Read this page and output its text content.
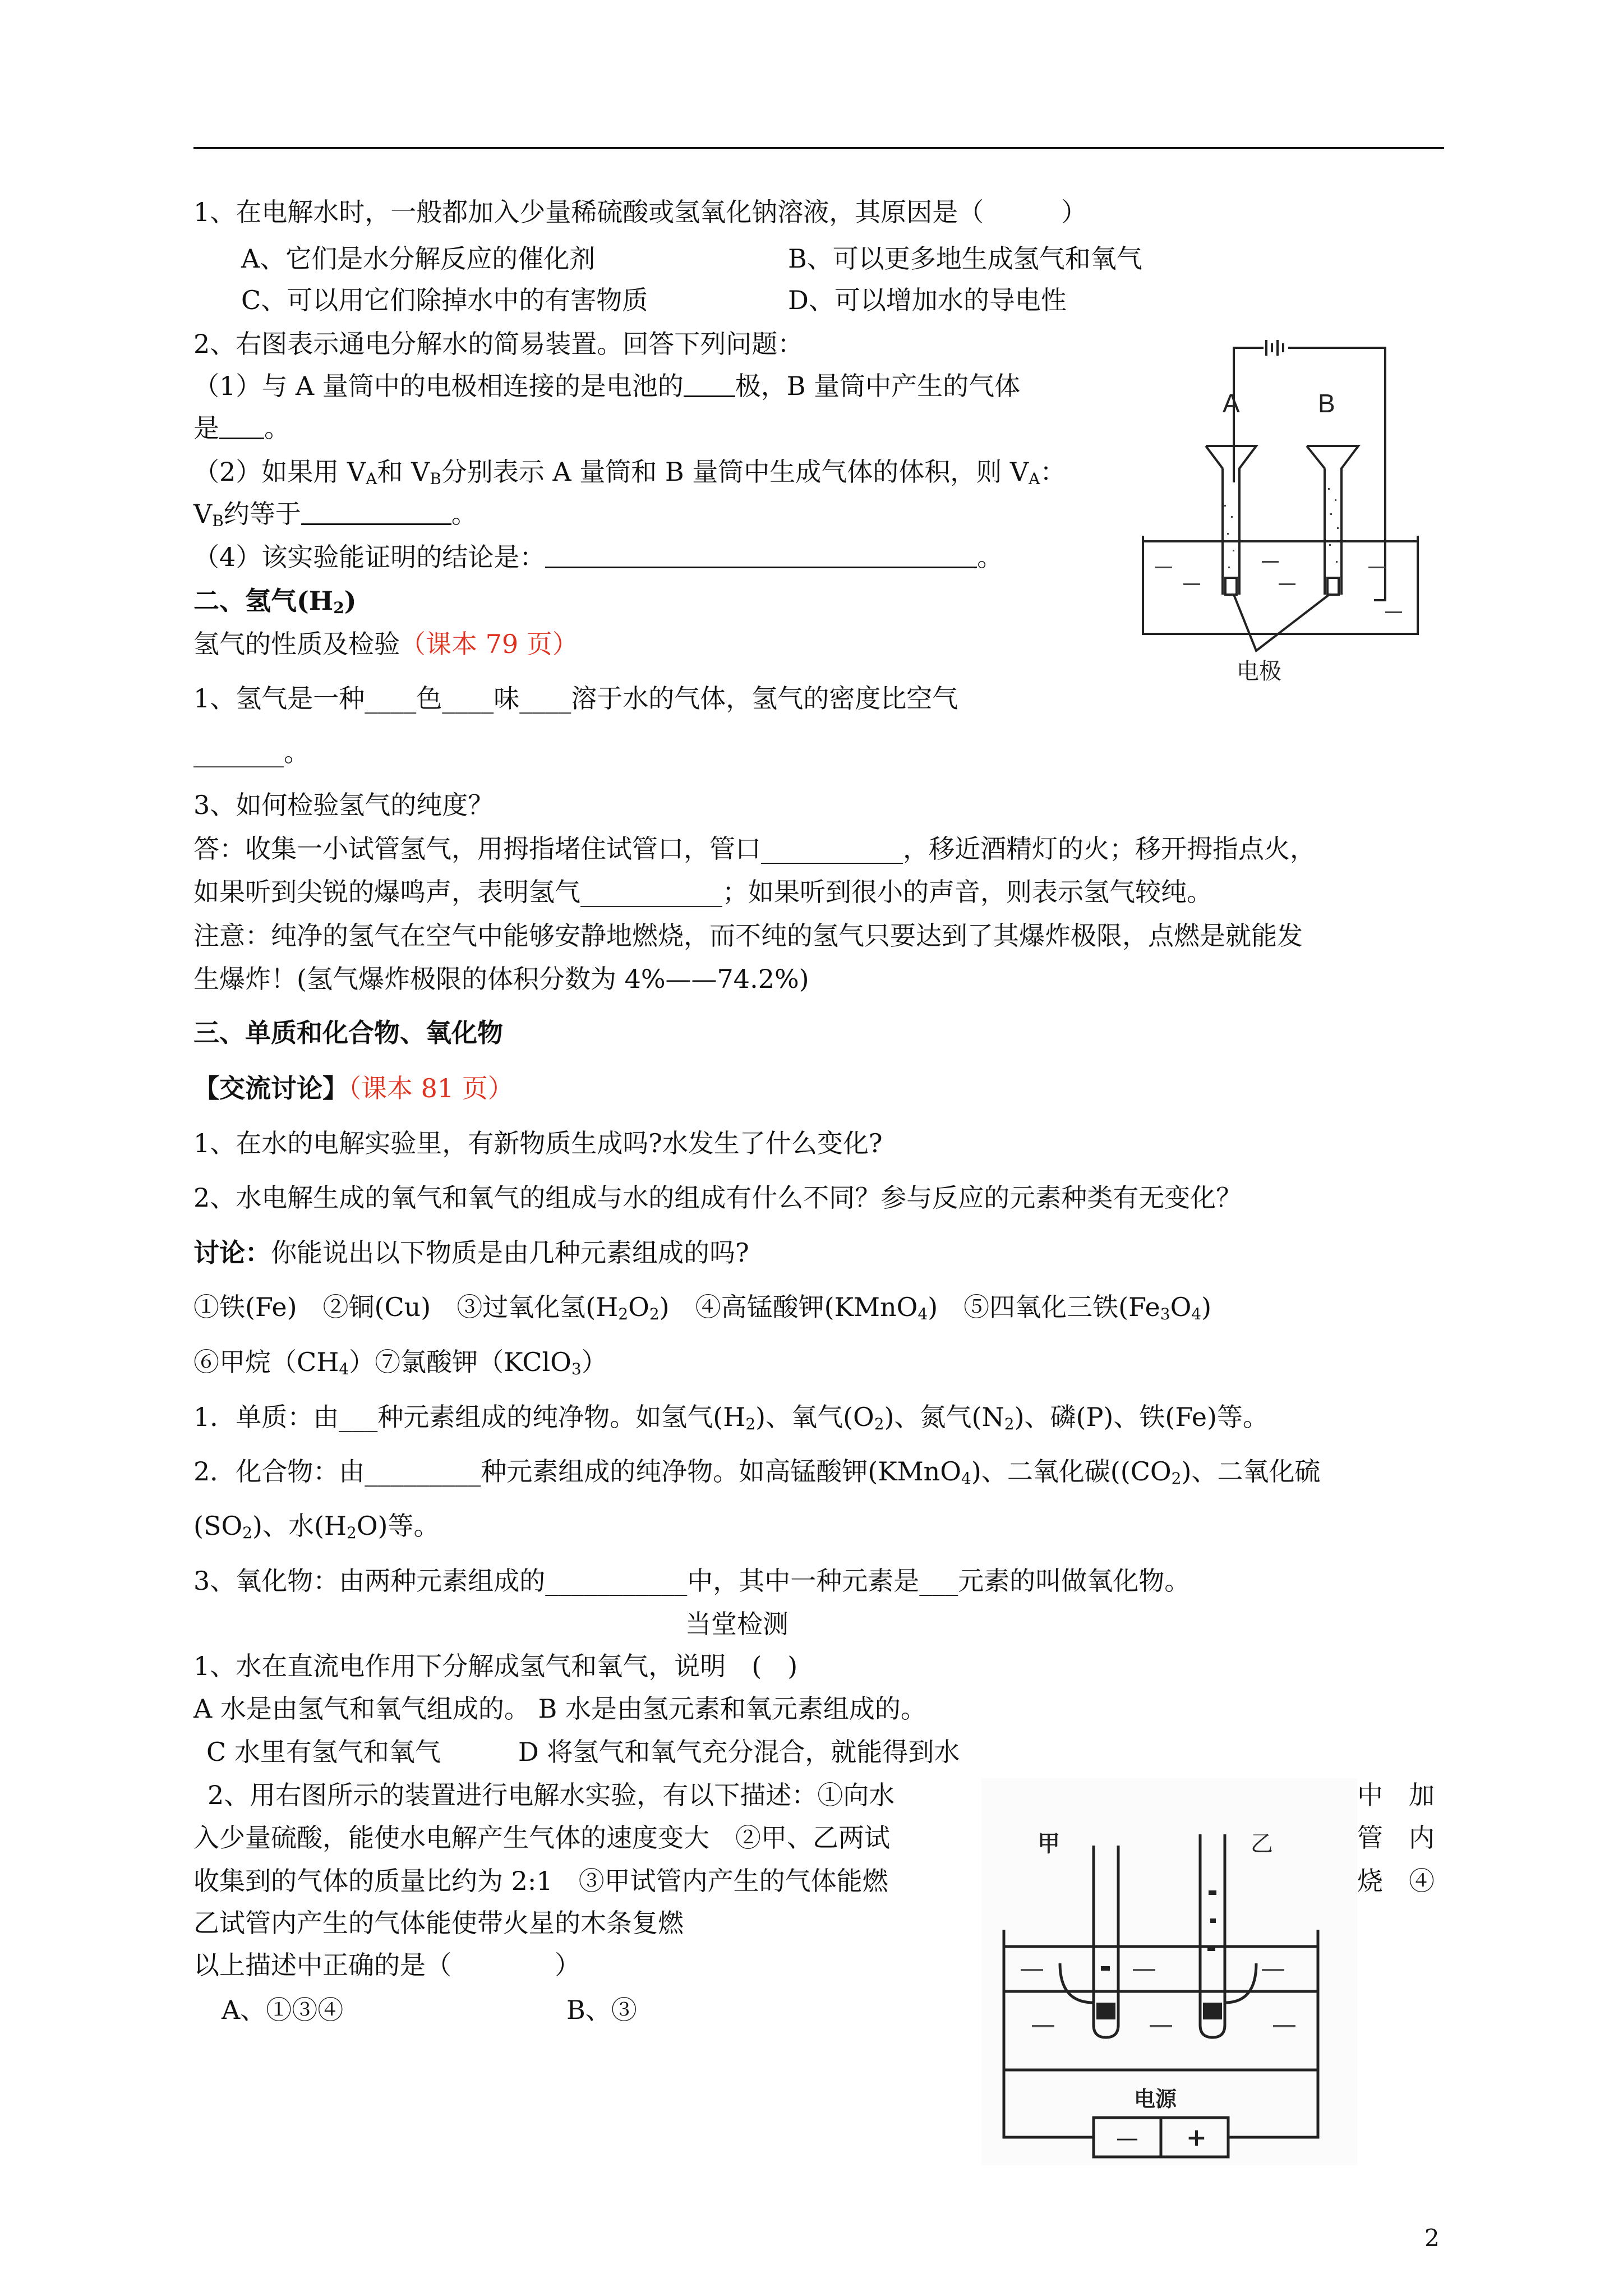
1、在电解水时，一般都加入少量稀硫酸或氢氧化钠溶液，其原因是（　　　）
A、它们是水分解反应的催化剂	B、可以更多地生成氢气和氧气
C、可以用它们除掉水中的有害物质	D、可以增加水的导电性
2、右图表示通电分解水的简易装置。回答下列问题：
（1）与 A 量筒中的电极相连接的是电池的 极，B 量筒中产生的气体
是 。
（2）如果用 $V_A$和 $V_B$分别表示 A 量筒和 B 量筒中生成气体的体积，则 $V_A$：
$V_B$约等于	。
（4）该实验能证明的结论是：	。
A	B
电极
二、氢气$(H_2)$
氢气的性质及检验（课本 79 页）
1、氢气是一种____色____味____溶于水的气体，氢气的密度比空气
_______。
3、如何检验氢气的纯度？
答：收集一小试管氢气，用拇指堵住试管口，管口___________，移近酒精灯的火；移开拇指点火，
如果听到尖锐的爆鸣声，表明氢气___________；如果听到很小的声音，则表示氢气较纯。
注意：纯净的氢气在空气中能够安静地燃烧，而不纯的氢气只要达到了其爆炸极限，点燃是就能发
生爆炸！(氢气爆炸极限的体积分数为 4%——74.2%)
三、单质和化合物、氧化物
【交流讨论】（课本 81 页）
1、在水的电解实验里，有新物质生成吗?水发生了什么变化?
2、水电解生成的氧气和氧气的组成与水的组成有什么不同？参与反应的元素种类有无变化？
讨论：你能说出以下物质是由几种元素组成的吗?
①铁(Fe)　②铜(Cu)　③过氧化氢$(H_2O_2)$　④高锰酸钾(KMnO$_4$)　⑤四氧化三铁$(Fe_3O_4)$
⑥甲烷$(CH_4)⑦$氯酸钾（KClO$_3$）
1．单质：由___种元素组成的纯净物。如氢气$(H_2)$、氧气$(O_2)$、氮气$(N_2)$、磷(P)、铁(Fe)等。
2．化合物：由_________种元素组成的纯净物。如高锰酸钾(KMnO$_4$)、二氧化碳($(CO_2)$、二氧化硫
$(SO_2)$、水$(H_2O)$等。
3、氧化物：由两种元素组成的___________中，其中一种元素是___元素的叫做氧化物。
当堂检测
1、水在直流电作用下分解成氢气和氧气，说明　(　)
A 水是由氢气和氧气组成的。 B 水是由氢元素和氧元素组成的。
C 水里有氢气和氧气　　　D 将氢气和氧气充分混合，就能得到水
2、用右图所示的装置进行电解水实验，有以下描述：①向水	中　加
入少量硫酸，能使水电解产生气体的速度变大　②甲、乙两试	管　内
收集到的气体的质量比约为 2:1　③甲试管内产生的气体能燃	烧　④
乙试管内产生的气体能使带火星的木条复燃
以上描述中正确的是（　　　　）
A、①③④	B、③
甲	乙
电源
— +
2
